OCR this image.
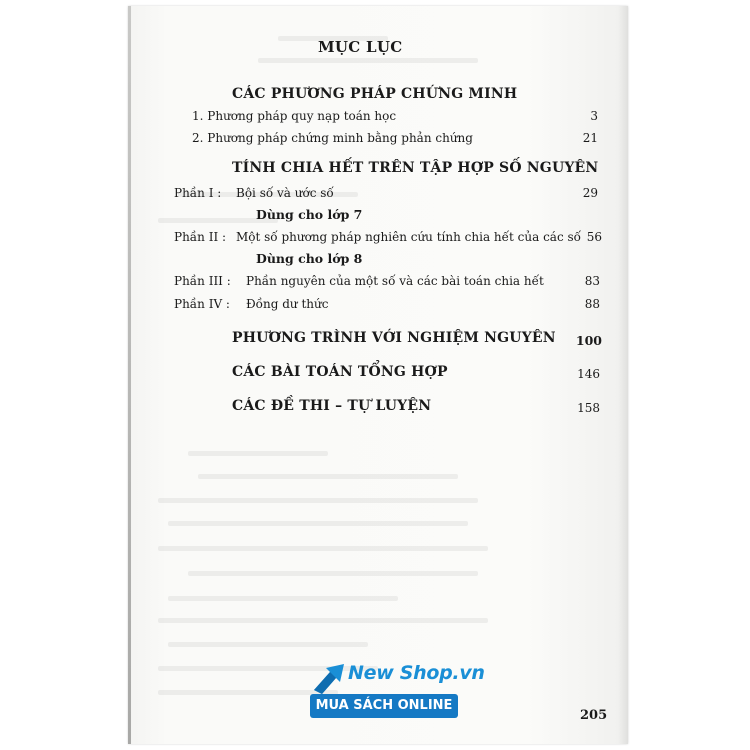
MỤC LỤC
CÁC PHƯƠNG PHÁP CHỨNG MINH
1. Phương pháp quy nạp toán học	3
2. Phương pháp chứng minh bằng phản chứng	21
TÍNH CHIA HẾT TRÊN TẬP HỢP SỐ NGUYÊN
Phần I : Bội số và ước số	29
Dùng cho lớp 7
Phần II : Một số phương pháp nghiên cứu tính chia hết của các số 56
Dùng cho lớp 8
Phần III : Phần nguyên của một số và các bài toán chia hết	83
Phần IV : Đồng dư thức	88
PHƯƠNG TRÌNH VỚI NGHIỆM NGUYÊN	100
CÁC BÀI TOÁN TỔNG HỢP	146
CÁC ĐỀ THI – TỰ LUYỆN	158
New Shop.vn
MUA SÁCH ONLINE
205
